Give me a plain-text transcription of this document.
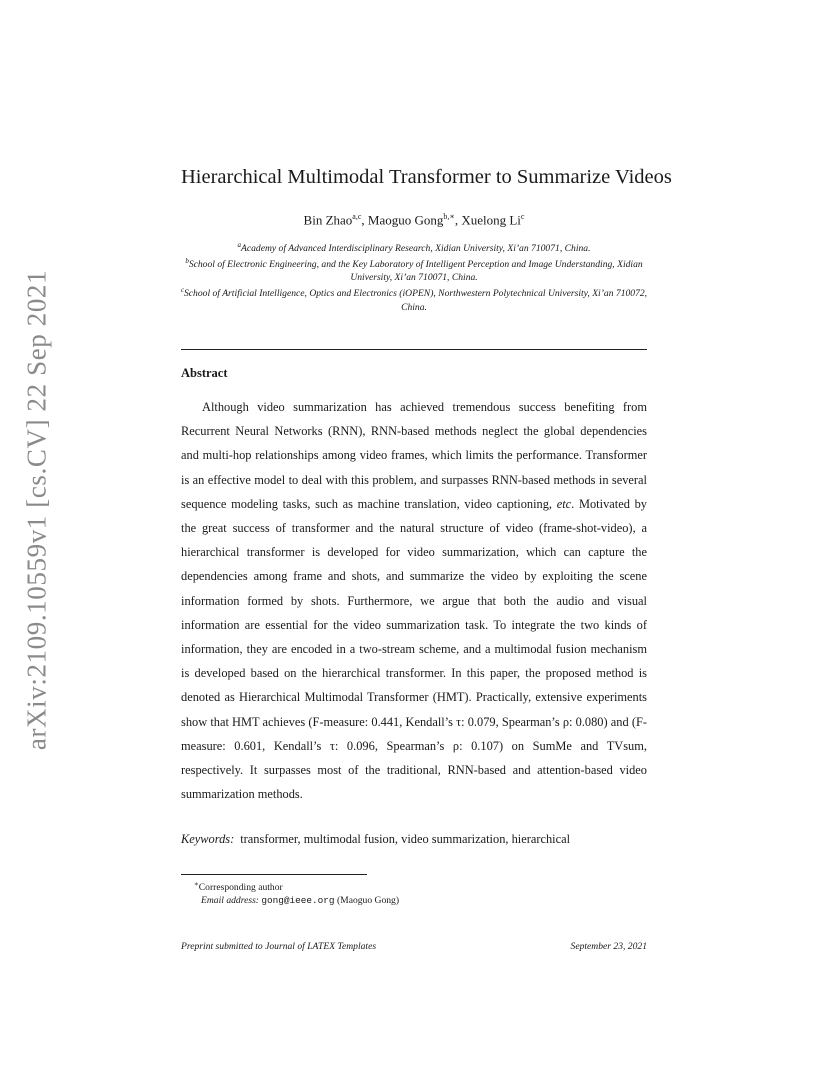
arXiv:2109.10559v1 [cs.CV] 22 Sep 2021
Hierarchical Multimodal Transformer to Summarize Videos
Bin Zhao$^{a,c}$, Maoguo Gong$^{b,∗}$, Xuelong Li$^c$
$^a$Academy of Advanced Interdisciplinary Research, Xidian University, Xi’an 710071, China.
$^b$School of Electronic Engineering, and the Key Laboratory of Intelligent Perception and Image Understanding, Xidian University, Xi’an 710071, China.
$^c$School of Artificial Intelligence, Optics and Electronics (iOPEN), Northwestern Polytechnical University, Xi’an 710072, China.
Abstract

Although video summarization has achieved tremendous success benefiting from Recurrent Neural Networks (RNN), RNN-based methods neglect the global dependencies and multi-hop relationships among video frames, which limits the performance. Transformer is an effective model to deal with this problem, and surpasses RNN-based methods in several sequence modeling tasks, such as machine translation, video captioning, etc. Motivated by the great success of transformer and the natural structure of video (frame-shot-video), a hierarchical transformer is developed for video summarization, which can capture the dependencies among frame and shots, and summarize the video by exploiting the scene information formed by shots. Furthermore, we argue that both the audio and visual information are essential for the video summarization task. To integrate the two kinds of information, they are encoded in a two-stream scheme, and a multimodal fusion mechanism is developed based on the hierarchical transformer. In this paper, the proposed method is denoted as Hierarchical Multimodal Transformer (HMT). Practically, extensive experiments show that HMT achieves (F-measure: 0.441, Kendall’s τ: 0.079, Spearman’s ρ: 0.080) and (F-measure: 0.601, Kendall’s τ: 0.096, Spearman’s ρ: 0.107) on SumMe and TVsum, respectively. It surpasses most of the traditional, RNN-based and attention-based video summarization methods.

Keywords: transformer, multimodal fusion, video summarization, hierarchical
∗Corresponding author
Email address: gong@ieee.org (Maoguo Gong)
Preprint submitted to Journal of LATEX Templates	September 23, 2021
